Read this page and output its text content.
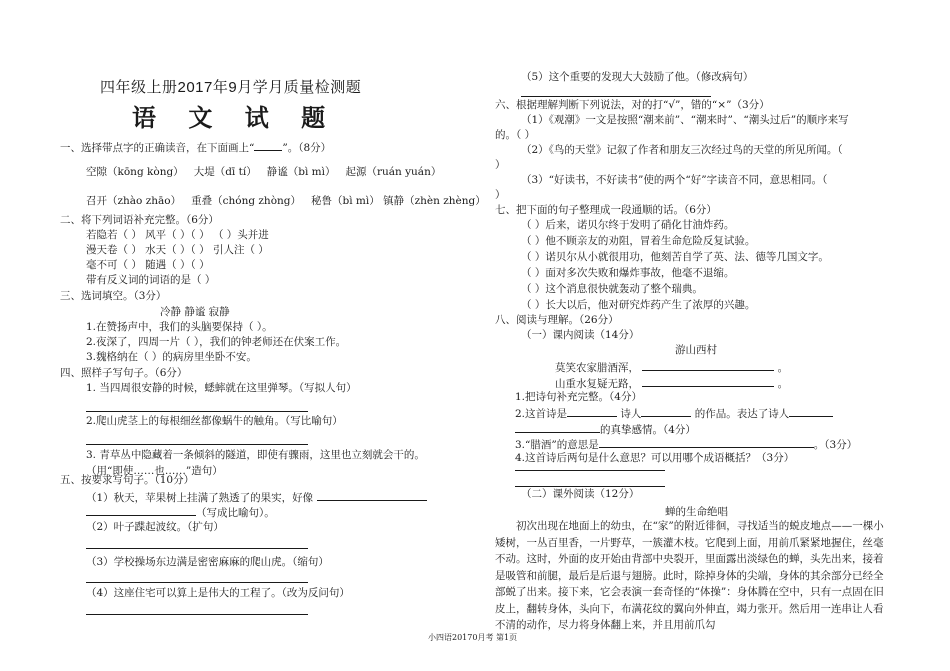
四年级上册2017年9月学月质量检测题
语 文 试 题
一、选择带点字的正确读音，在下面画上“	”。（8分）
空隙（kōng kòng） 大堤（dī tí） 静谧（bì mì） 起源（ruán yuán）
召开（zhào zhāo） 重叠（chóng zhòng） 秘鲁（bì mì） 镇静（zhèn zhèng）
二、将下列词语补充完整。（6分）
若隐若（ ） 风平（ ）（ ） （ ）头并进
漫天卷（ ） 水天（ ）（ ） 引人注（ ）
毫不可（ ） 随遇（ ）（ ）
带有反义词的词语的是（ ）
三、选词填空。（3分）
冷静 静谧 寂静
1.在赞扬声中，我们的头脑要保持（ ）。
2.夜深了，四周一片（ ），我们的钟老师还在伏案工作。
3.魏格纳在（ ）的病房里坐卧不安。
四、照样子写句子。（6分）
1. 当四周很安静的时候，蟋蟀就在这里弹琴。（写拟人句）
2.爬山虎茎上的每根细丝都像蜗牛的触角。（写比喻句）
3. 青草丛中隐藏着一条倾斜的隧道，即使有骤雨，这里也立刻就会干的。
（用“即使……也……”造句）
五、按要求写句子。（10分）
（1）秋天，苹果树上挂满了熟透了的果实，好像
（写成比喻句）。
（2）叶子蹀起波纹。（扩句）
（3）学校操场东边满是密密麻麻的爬山虎。（缩句）
（4）这座住宅可以算上是伟大的工程了。（改为反问句）
（5）这个重要的发现大大鼓励了他。（修改病句）
六、根据理解判断下列说法，对的打“√”，错的“×”（3分）
（1）《观潮》一文是按照“潮来前”、“潮来时”、“潮头过后”的顺序来写
的。（ ）
（2）《鸟的天堂》记叙了作者和朋友三次经过鸟的天堂的所见所闻。（
）
（3）“好读书，不好读书”使的两个“好”字读音不同，意思相同。（
）
七、把下面的句子整理成一段通顺的话。（6分）
（ ）后来，诺贝尔终于发明了硝化甘油炸药。
（ ）他不顾亲友的劝阻，冒着生命危险反复试验。
（ ）诺贝尔从小就很用功，他刻苦自学了英、法、德等几国文字。
（ ）面对多次失败和爆炸事故，他毫不退缩。
（ ）这个消息很快就轰动了整个瑞典。
（ ）长大以后，他对研究炸药产生了浓厚的兴趣。
八、阅读与理解。（26分）
（一）课内阅读（14分）
游山西村
莫笑农家腊酒浑，	。
山重水复疑无路，	。
1.把诗句补充完整。（4分）
2.这首诗是	诗人	的作品。表达了诗人
的真挚感情。（4分）
3.“腊酒”的意思是	。（3分）
4.这首诗后两句是什么意思？可以用哪个成语概括？（3分）
（二）课外阅读（12分）
蝉的生命绝唱
初次出现在地面上的幼虫，在“家”的附近徘徊，寻找适当的蜕皮地点——一棵小矮树，一丛百里香，一片野草，一簇灌木枝。它爬到上面，用前爪紧紧地握住，丝毫不动。这时，外面的皮开始由背部中央裂开，里面露出淡绿色的蝉，头先出来，接着是吸管和前腿，最后是后退与翅膀。此时，除掉身体的尖端，身体的其余部分已经全部蜕了出来。接下来，它会表演一套奇怪的“体操”：身体腾在空中，只有一点固在旧皮上，翻转身体，头向下，布满花纹的翼向外伸直，竭力张开。然后用一连串让人看不清的动作，尽力将身体翻上来，并且用前爪勾
小四语20170月考 第1页
